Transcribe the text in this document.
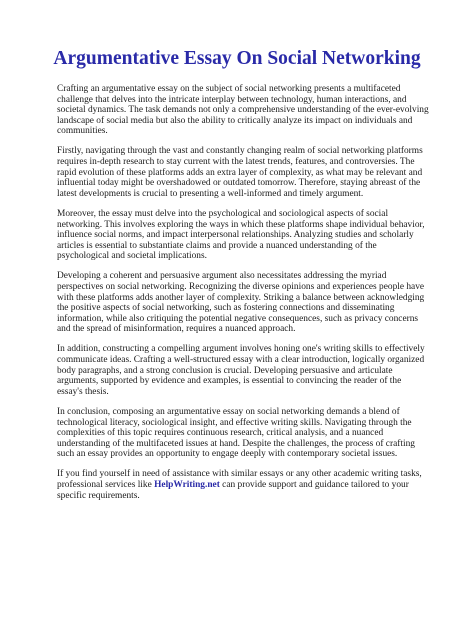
Argumentative Essay On Social Networking

Crafting an argumentative essay on the subject of social networking presents a multifaceted challenge that delves into the intricate interplay between technology, human interactions, and societal dynamics. The task demands not only a comprehensive understanding of the ever-evolving landscape of social media but also the ability to critically analyze its impact on individuals and communities.

Firstly, navigating through the vast and constantly changing realm of social networking platforms requires in-depth research to stay current with the latest trends, features, and controversies. The rapid evolution of these platforms adds an extra layer of complexity, as what may be relevant and influential today might be overshadowed or outdated tomorrow. Therefore, staying abreast of the latest developments is crucial to presenting a well-informed and timely argument.

Moreover, the essay must delve into the psychological and sociological aspects of social networking. This involves exploring the ways in which these platforms shape individual behavior, influence social norms, and impact interpersonal relationships. Analyzing studies and scholarly articles is essential to substantiate claims and provide a nuanced understanding of the psychological and societal implications.

Developing a coherent and persuasive argument also necessitates addressing the myriad perspectives on social networking. Recognizing the diverse opinions and experiences people have with these platforms adds another layer of complexity. Striking a balance between acknowledging the positive aspects of social networking, such as fostering connections and disseminating information, while also critiquing the potential negative consequences, such as privacy concerns and the spread of misinformation, requires a nuanced approach.

In addition, constructing a compelling argument involves honing one's writing skills to effectively communicate ideas. Crafting a well-structured essay with a clear introduction, logically organized body paragraphs, and a strong conclusion is crucial. Developing persuasive and articulate arguments, supported by evidence and examples, is essential to convincing the reader of the essay's thesis.

In conclusion, composing an argumentative essay on social networking demands a blend of technological literacy, sociological insight, and effective writing skills. Navigating through the complexities of this topic requires continuous research, critical analysis, and a nuanced understanding of the multifaceted issues at hand. Despite the challenges, the process of crafting such an essay provides an opportunity to engage deeply with contemporary societal issues.

If you find yourself in need of assistance with similar essays or any other academic writing tasks, professional services like HelpWriting.net can provide support and guidance tailored to your specific requirements.
